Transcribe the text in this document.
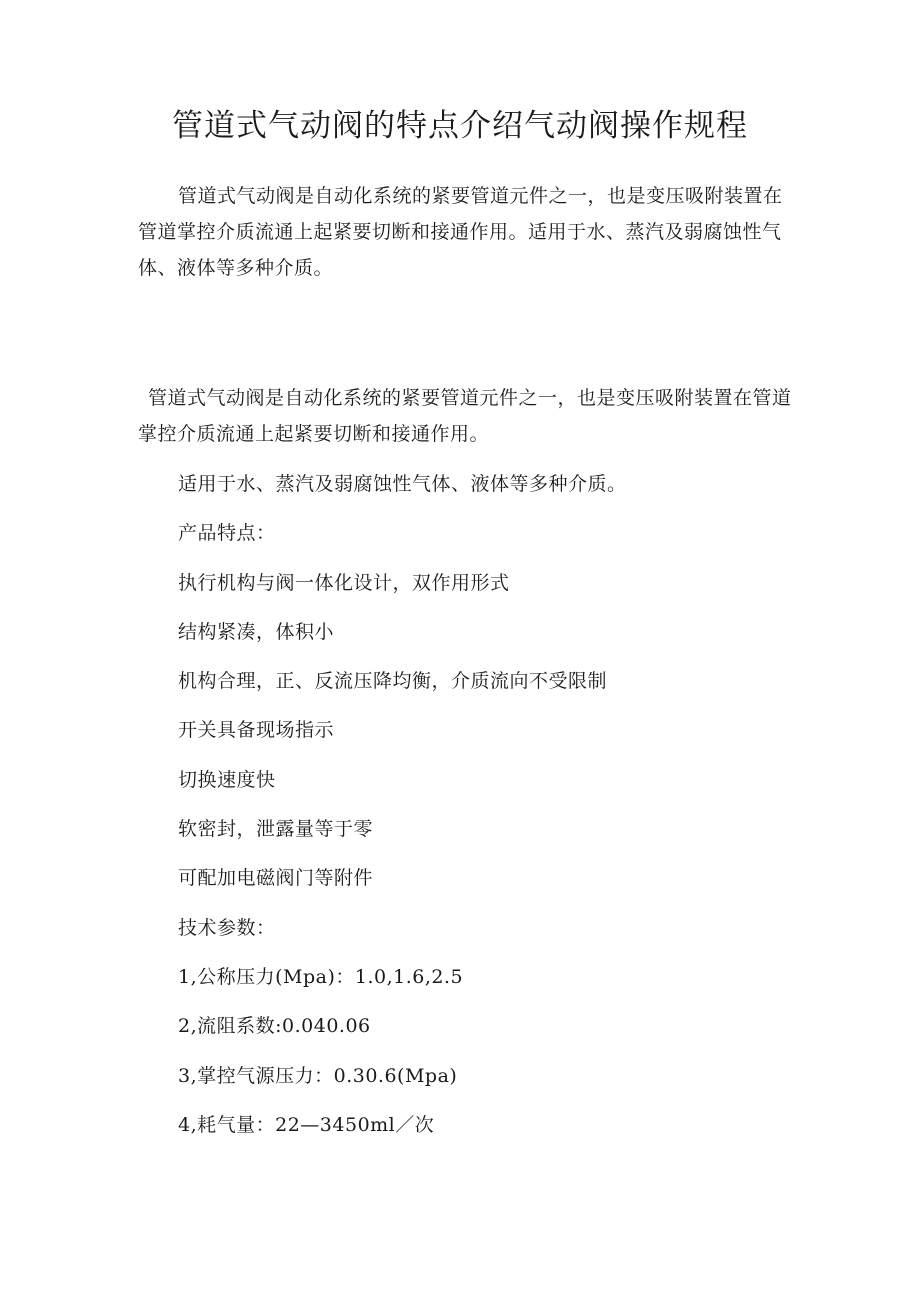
管道式气动阀的特点介绍气动阀操作规程

管道式气动阀是自动化系统的紧要管道元件之一，也是变压吸附装置在管道掌控介质流通上起紧要切断和接通作用。适用于水、蒸汽及弱腐蚀性气体、液体等多种介质。

管道式气动阀是自动化系统的紧要管道元件之一，也是变压吸附装置在管道掌控介质流通上起紧要切断和接通作用。

适用于水、蒸汽及弱腐蚀性气体、液体等多种介质。
产品特点：
执行机构与阀一体化设计，双作用形式
结构紧凑，体积小
机构合理，正、反流压降均衡，介质流向不受限制
开关具备现场指示
切换速度快
软密封，泄露量等于零
可配加电磁阀门等附件
技术参数：
1,公称压力(Mpa)：1.0,1.6,2.5
2,流阻系数:0.040.06
3,掌控气源压力：0.30.6(Mpa)
4,耗气量：22—3450ml／次
